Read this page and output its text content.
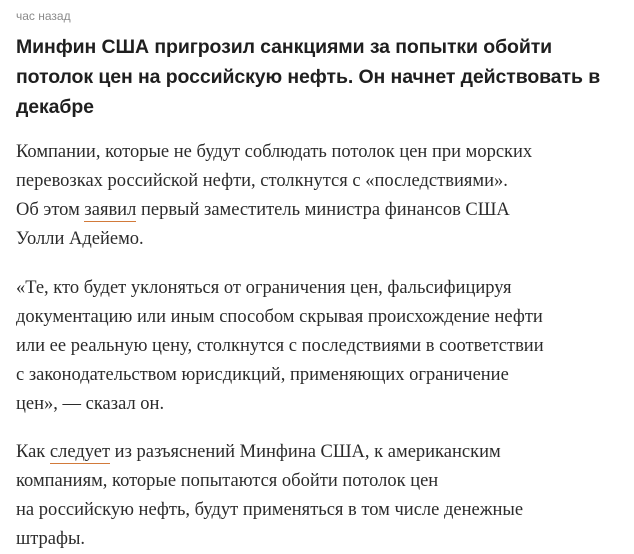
час назад
Минфин США пригрозил санкциями за попытки обойти потолок цен на российскую нефть. Он начнет действовать в декабре

Компании, которые не будут соблюдать потолок цен при морских
перевозках российской нефти, столкнутся с «последствиями».
Об этом заявил первый заместитель министра финансов США
Уолли Адейемо.

«Те, кто будет уклоняться от ограничения цен, фальсифицируя
документацию или иным способом скрывая происхождение нефти
или ее реальную цену, столкнутся с последствиями в соответствии
с законодательством юрисдикций, применяющих ограничение
цен», — сказал он.

Как следует из разъяснений Минфина США, к американским
компаниям, которые попытаются обойти потолок цен
на российскую нефть, будут применяться в том числе денежные
штрафы.
